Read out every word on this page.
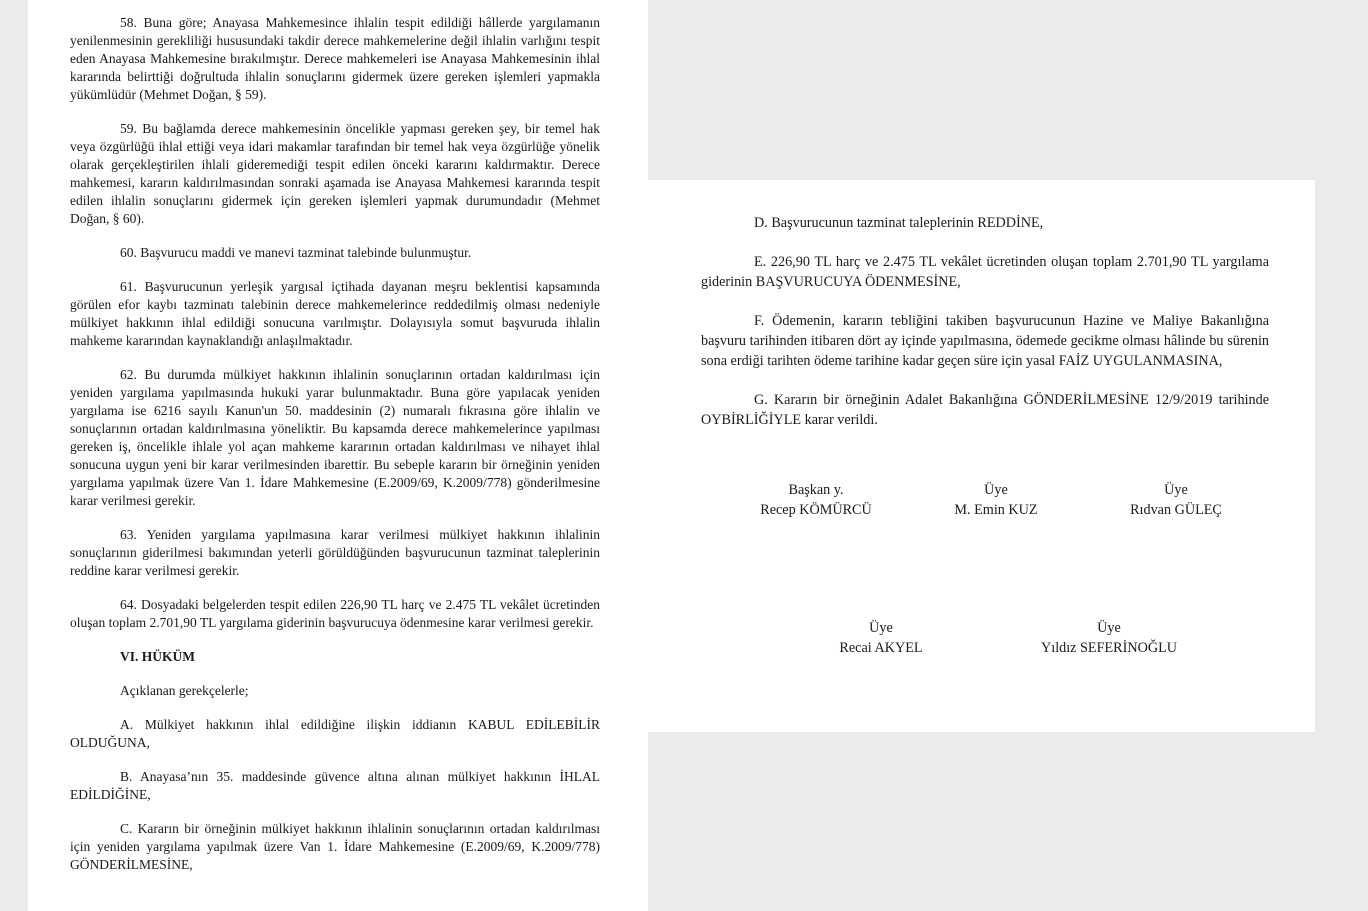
58. Buna göre; Anayasa Mahkemesince ihlalin tespit edildiği hâllerde yargılamanın yenilenmesinin gerekliliği hususundaki takdir derece mahkemelerine değil ihlalin varlığını tespit eden Anayasa Mahkemesine bırakılmıştır. Derece mahkemeleri ise Anayasa Mahkemesinin ihlal kararında belirttiği doğrultuda ihlalin sonuçlarını gidermek üzere gereken işlemleri yapmakla yükümlüdür (Mehmet Doğan, § 59).

59. Bu bağlamda derece mahkemesinin öncelikle yapması gereken şey, bir temel hak veya özgürlüğü ihlal ettiği veya idari makamlar tarafından bir temel hak veya özgürlüğe yönelik olarak gerçekleştirilen ihlali gideremediği tespit edilen önceki kararını kaldırmaktır. Derece mahkemesi, kararın kaldırılmasından sonraki aşamada ise Anayasa Mahkemesi kararında tespit edilen ihlalin sonuçlarını gidermek için gereken işlemleri yapmak durumundadır (Mehmet Doğan, § 60).

60. Başvurucu maddi ve manevi tazminat talebinde bulunmuştur.

61. Başvurucunun yerleşik yargısal içtihada dayanan meşru beklentisi kapsamında görülen efor kaybı tazminatı talebinin derece mahkemelerince reddedilmiş olması nedeniyle mülkiyet hakkının ihlal edildiği sonucuna varılmıştır. Dolayısıyla somut başvuruda ihlalin mahkeme kararından kaynaklandığı anlaşılmaktadır.

62. Bu durumda mülkiyet hakkının ihlalinin sonuçlarının ortadan kaldırılması için yeniden yargılama yapılmasında hukuki yarar bulunmaktadır. Buna göre yapılacak yeniden yargılama ise 6216 sayılı Kanun'un 50. maddesinin (2) numaralı fıkrasına göre ihlalin ve sonuçlarının ortadan kaldırılmasına yöneliktir. Bu kapsamda derece mahkemelerince yapılması gereken iş, öncelikle ihlale yol açan mahkeme kararının ortadan kaldırılması ve nihayet ihlal sonucuna uygun yeni bir karar verilmesinden ibarettir. Bu sebeple kararın bir örneğinin yeniden yargılama yapılmak üzere Van 1. İdare Mahkemesine (E.2009/69, K.2009/778) gönderilmesine karar verilmesi gerekir.

63. Yeniden yargılama yapılmasına karar verilmesi mülkiyet hakkının ihlalinin sonuçlarının giderilmesi bakımından yeterli görüldüğünden başvurucunun tazminat taleplerinin reddine karar verilmesi gerekir.

64. Dosyadaki belgelerden tespit edilen 226,90 TL harç ve 2.475 TL vekâlet ücretinden oluşan toplam 2.701,90 TL yargılama giderinin başvurucuya ödenmesine karar verilmesi gerekir.

VI. HÜKÜM

Açıklanan gerekçelerle;

A. Mülkiyet hakkının ihlal edildiğine ilişkin iddianın KABUL EDİLEBİLİR OLDUĞUNA,

B. Anayasa’nın 35. maddesinde güvence altına alınan mülkiyet hakkının İHLAL EDİLDİĞİNE,

C. Kararın bir örneğinin mülkiyet hakkının ihlalinin sonuçlarının ortadan kaldırılması için yeniden yargılama yapılmak üzere Van 1. İdare Mahkemesine (E.2009/69, K.2009/778) GÖNDERİLMESİNE,

D. Başvurucunun tazminat taleplerinin REDDİNE,

E. 226,90 TL harç ve 2.475 TL vekâlet ücretinden oluşan toplam 2.701,90 TL yargılama giderinin BAŞVURUCUYA ÖDENMESİNE,

F. Ödemenin, kararın tebliğini takiben başvurucunun Hazine ve Maliye Bakanlığına başvuru tarihinden itibaren dört ay içinde yapılmasına, ödemede gecikme olması hâlinde bu sürenin sona erdiği tarihten ödeme tarihine kadar geçen süre için yasal FAİZ UYGULANMASINA,

G. Kararın bir örneğinin Adalet Bakanlığına GÖNDERİLMESİNE 12/9/2019 tarihinde OYBİRLİĞİYLE karar verildi.

Başkan y.
Recep KÖMÜRCÜ
Üye
M. Emin KUZ
Üye
Rıdvan GÜLEÇ
Üye
Recai AKYEL
Üye
Yıldız SEFERİNOĞLU
